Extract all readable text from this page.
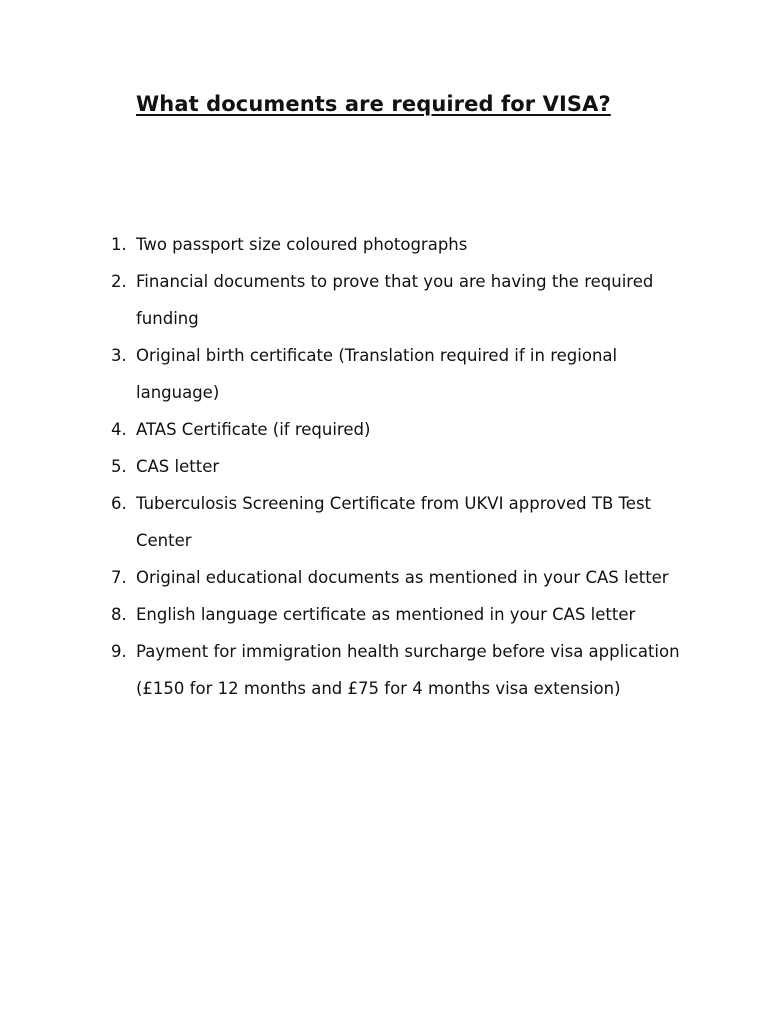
What documents are required for VISA?
1. Two passport size coloured photographs
2. Financial documents to prove that you are having the required funding
3. Original birth certificate (Translation required if in regional language)
4. ATAS Certificate (if required)
5. CAS letter
6. Tuberculosis Screening Certificate from UKVI approved TB Test Center
7. Original educational documents as mentioned in your CAS letter
8. English language certificate as mentioned in your CAS letter
9. Payment for immigration health surcharge before visa application (£150 for 12 months and £75 for 4 months visa extension)
